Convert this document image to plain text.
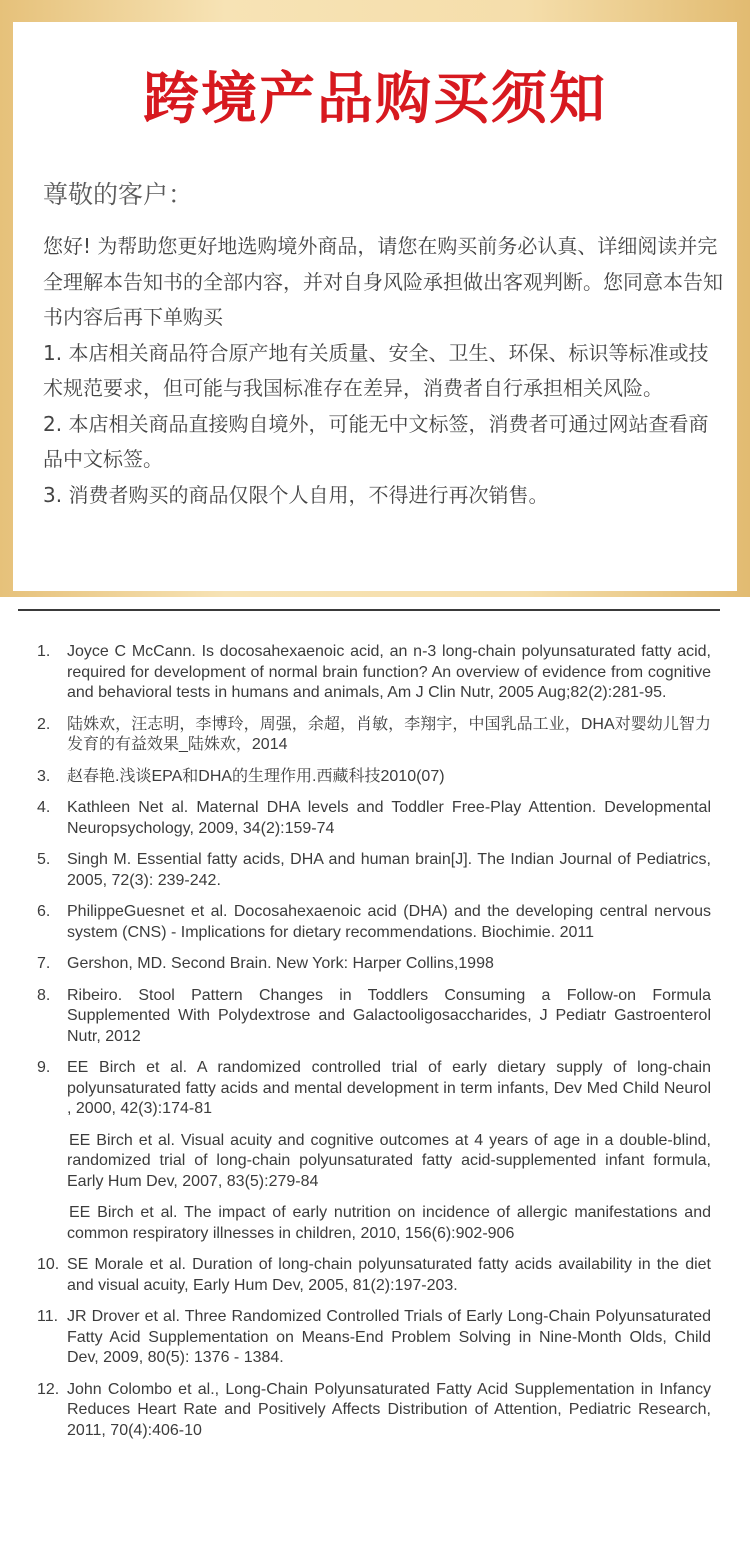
跨境产品购买须知
尊敬的客户：

您好! 为帮助您更好地选购境外商品，请您在购买前务必认真、详细阅读并完全理解本告知书的全部内容，并对自身风险承担做出客观判断。您同意本告知书内容后再下单购买

1. 本店相关商品符合原产地有关质量、安全、卫生、环保、标识等标准或技术规范要求，但可能与我国标准存在差异，消费者自行承担相关风险。

2. 本店相关商品直接购自境外，可能无中文标签，消费者可通过网站查看商品中文标签。

3. 消费者购买的商品仅限个人自用，不得进行再次销售。

1. Joyce C McCann. Is docosahexaenoic acid, an n-3 long-chain polyunsaturated fatty acid, required for development of normal brain function? An overview of evidence from cognitive and behavioral tests in humans and animals, Am J Clin Nutr, 2005 Aug;82(2):281-95.
2. 陆姝欢，汪志明，李博玲，周强，余超，肖敏，李翔宇，中国乳品工业，DHA对婴幼儿智力发育的有益效果_陆姝欢，2014
3. 赵春艳.浅谈EPA和DHA的生理作用.西藏科技2010(07)
4. Kathleen Net al. Maternal DHA levels and Toddler Free-Play Attention. Developmental Neuropsychology, 2009, 34(2):159-74
5. Singh M. Essential fatty acids, DHA and human brain[J]. The Indian Journal of Pediatrics, 2005, 72(3): 239-242.
6. PhilippeGuesnet et al. Docosahexaenoic acid (DHA) and the developing central nervous system (CNS) - Implications for dietary recommendations. Biochimie. 2011
7. Gershon, MD. Second Brain. New York: Harper Collins,1998
8. Ribeiro. Stool Pattern Changes in Toddlers Consuming a Follow-on Formula Supplemented With Polydextrose and Galactooligosaccharides, J Pediatr Gastroenterol Nutr, 2012
9. EE Birch et al. A randomized controlled trial of early dietary supply of long-chain polyunsaturated fatty acids and mental development in term infants, Dev Med Child Neurol , 2000, 42(3):174-81
EE Birch et al. Visual acuity and cognitive outcomes at 4 years of age in a double-blind, randomized trial of long-chain polyunsaturated fatty acid-supplemented infant formula, Early Hum Dev, 2007, 83(5):279-84
EE Birch et al. The impact of early nutrition on incidence of allergic manifestations and common respiratory illnesses in children, 2010, 156(6):902-906
10. SE Morale et al. Duration of long-chain polyunsaturated fatty acids availability in the diet and visual acuity, Early Hum Dev, 2005, 81(2):197-203.
11. JR Drover et al. Three Randomized Controlled Trials of Early Long-Chain Polyunsaturated Fatty Acid Supplementation on Means-End Problem Solving in Nine-Month Olds, Child Dev, 2009, 80(5): 1376 - 1384.
12. John Colombo et al., Long-Chain Polyunsaturated Fatty Acid Supplementation in Infancy Reduces Heart Rate and Positively Affects Distribution of Attention, Pediatric Research, 2011, 70(4):406-10
